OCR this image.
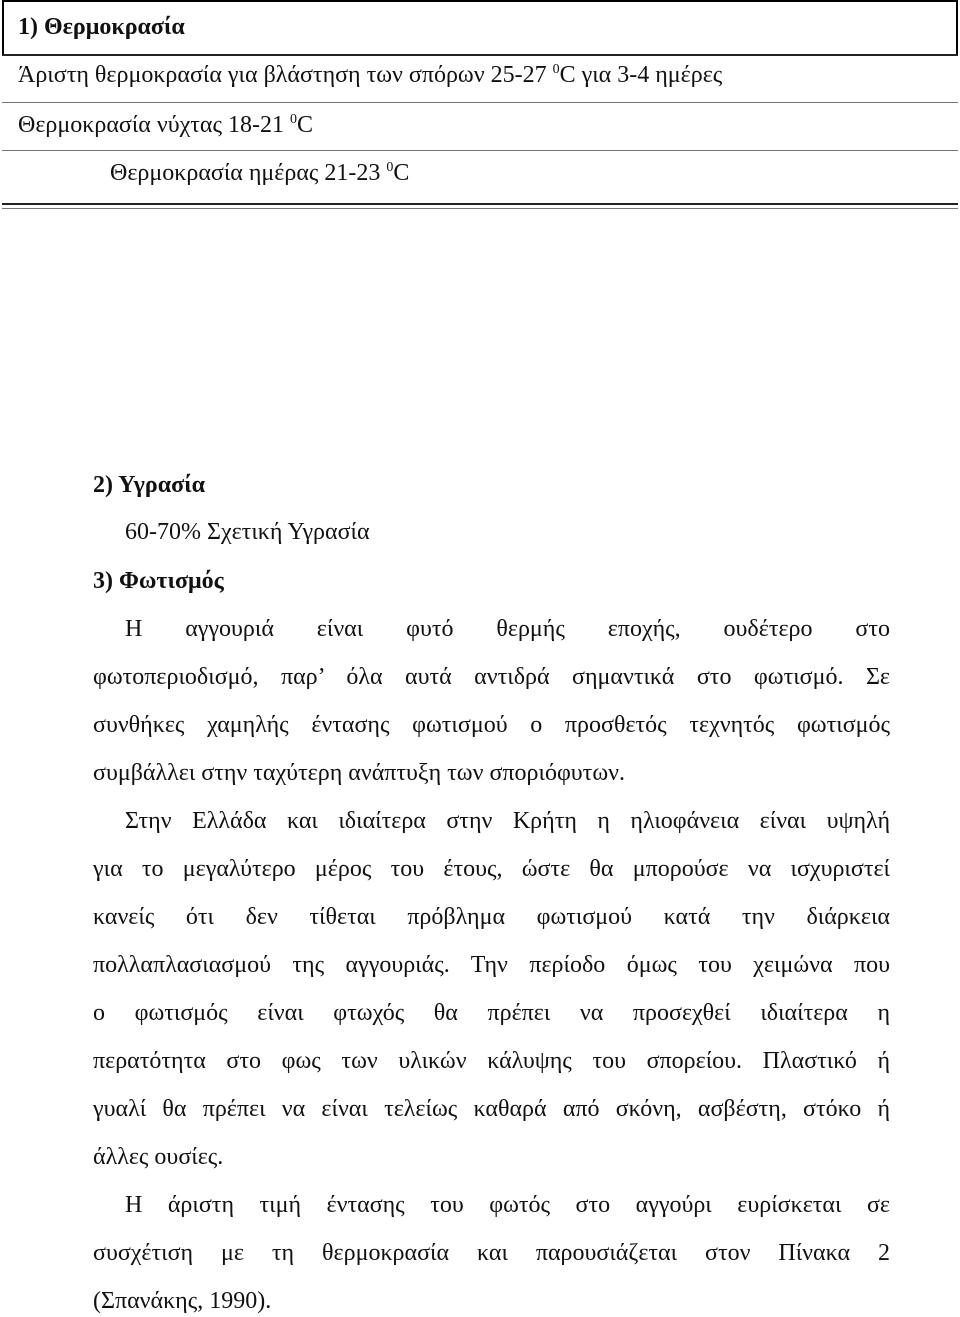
1) Θερμοκρασία
Άριστη θερμοκρασία για βλάστηση των σπόρων 25-27 $^0$C για 3-4 ημέρες
Θερμοκρασία νύχτας 18-21 $^0$C
Θερμοκρασία ημέρας 21-23 $^0$C
2) Υγρασία
60-70% Σχετική Υγρασία
3) Φωτισμός
Η αγγουριά είναι φυτό θερμής εποχής, ουδέτερο στο
φωτοπεριοδισμό, παρ’ όλα αυτά αντιδρά σημαντικά στο φωτισμό. Σε
συνθήκες χαμηλής έντασης φωτισμού ο προσθετός τεχνητός φωτισμός
συμβάλλει στην ταχύτερη ανάπτυξη των σποριόφυτων.
Στην Ελλάδα και ιδιαίτερα στην Κρήτη η ηλιοφάνεια είναι υψηλή
για το μεγαλύτερο μέρος του έτους, ώστε θα μπορούσε να ισχυριστεί
κανείς ότι δεν τίθεται πρόβλημα φωτισμού κατά την διάρκεια
πολλαπλασιασμού της αγγουριάς. Την περίοδο όμως του χειμώνα που
ο φωτισμός είναι φτωχός θα πρέπει να προσεχθεί ιδιαίτερα η
περατότητα στο φως των υλικών κάλυψης του σπορείου. Πλαστικό ή
γυαλί θα πρέπει να είναι τελείως καθαρά από σκόνη, ασβέστη, στόκο ή
άλλες ουσίες.
Η άριστη τιμή έντασης του φωτός στο αγγούρι ευρίσκεται σε
συσχέτιση με τη θερμοκρασία και παρουσιάζεται στον Πίνακα 2
(Σπανάκης, 1990).
